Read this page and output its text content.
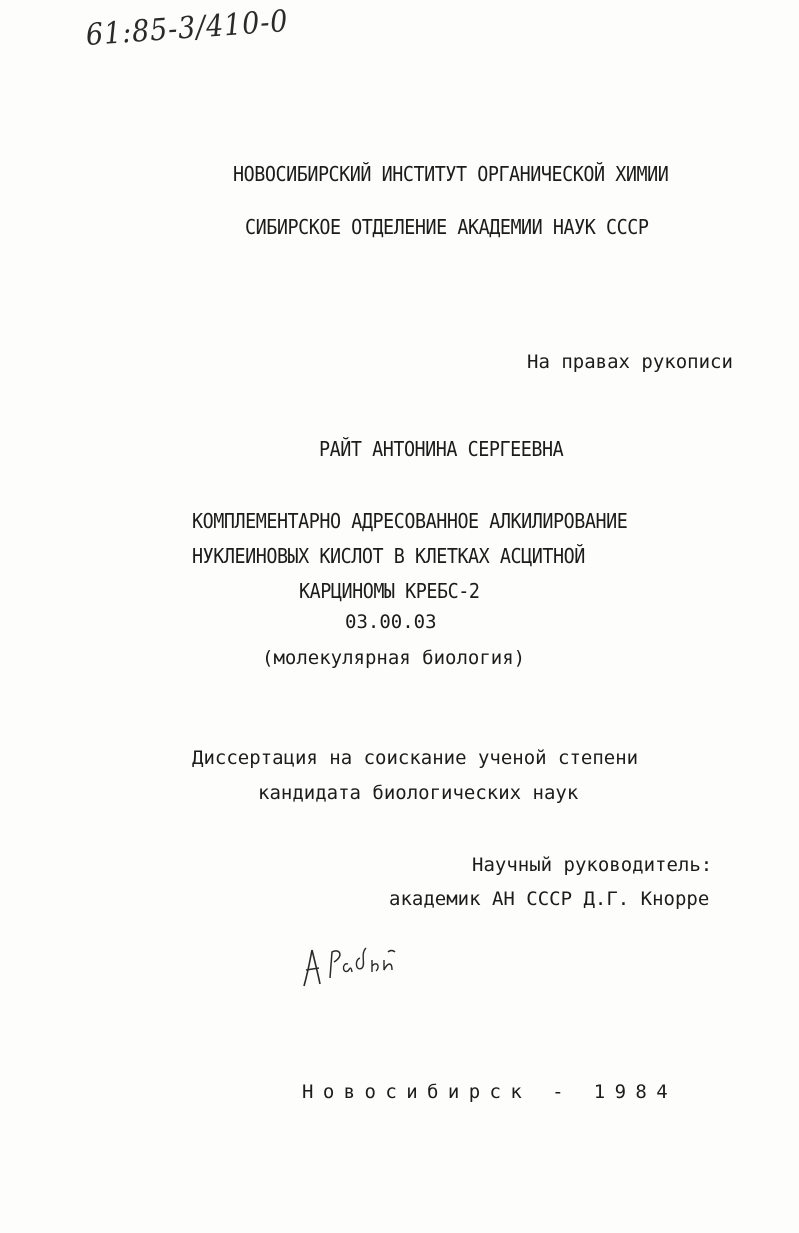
61:85-3/410-0
НОВОСИБИРСКИЙ ИНСТИТУТ ОРГАНИЧЕСКОЙ ХИМИИ
СИБИРСКОЕ ОТДЕЛЕНИЕ АКАДЕМИИ НАУК СССР
На правах рукописи
РАЙТ АНТОНИНА СЕРГЕЕВНА
КОМПЛЕМЕНТАРНО АДРЕСОВАННОЕ АЛКИЛИРОВАНИЕ
НУКЛЕИНОВЫХ КИСЛОТ В КЛЕТКАХ АСЦИТНОЙ
КАРЦИНОМЫ КРЕБС-2
03.00.03
(молекулярная биология)
Диссертация на соискание ученой степени
кандидата биологических наук
Научный руководитель:
академик АН СССР Д.Г. Кнорре
Новосибирск - 1984
